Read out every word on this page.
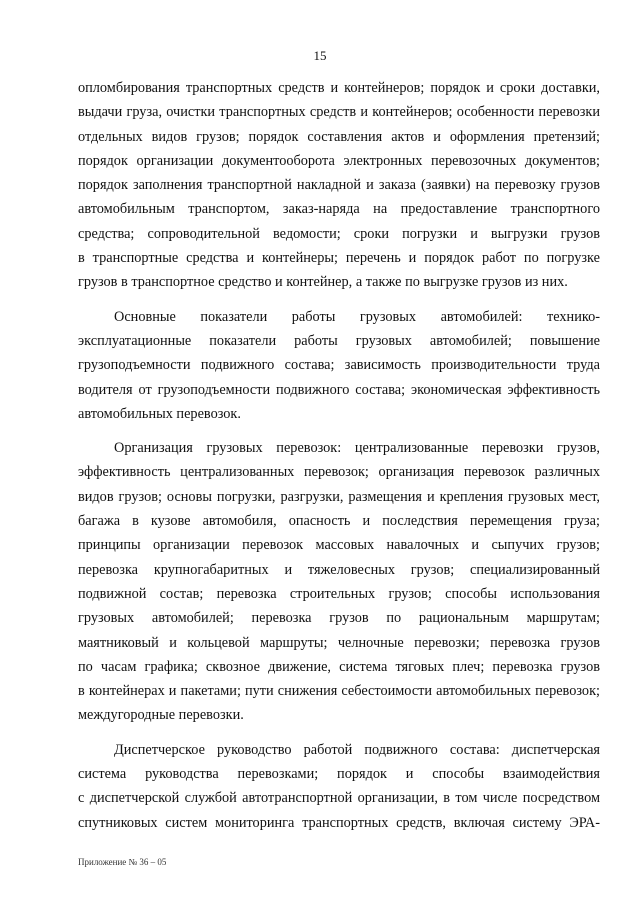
15

опломбирования транспортных средств и контейнеров; порядок и сроки доставки,
выдачи груза, очистки транспортных средств и контейнеров; особенности перевозки
отдельных видов грузов; порядок составления актов и оформления претензий;
порядок организации документооборота электронных перевозочных документов;
порядок заполнения транспортной накладной и заказа (заявки) на перевозку грузов
автомобильным транспортом, заказ-наряда на предоставление транспортного
средства; сопроводительной ведомости; сроки погрузки и выгрузки грузов
в транспортные средства и контейнеры; перечень и порядок работ по погрузке
грузов в транспортное средство и контейнер, а также по выгрузке грузов из них.

Основные показатели работы грузовых автомобилей: технико-
эксплуатационные показатели работы грузовых автомобилей; повышение
грузоподъемности подвижного состава; зависимость производительности труда
водителя от грузоподъемности подвижного состава; экономическая эффективность
автомобильных перевозок.

Организация грузовых перевозок: централизованные перевозки грузов,
эффективность централизованных перевозок; организация перевозок различных
видов грузов; основы погрузки, разгрузки, размещения и крепления грузовых мест,
багажа в кузове автомобиля, опасность и последствия перемещения груза;
принципы организации перевозок массовых навалочных и сыпучих грузов;
перевозка крупногабаритных и тяжеловесных грузов; специализированный
подвижной состав; перевозка строительных грузов; способы использования
грузовых автомобилей; перевозка грузов по рациональным маршрутам;
маятниковый и кольцевой маршруты; челночные перевозки; перевозка грузов
по часам графика; сквозное движение, система тяговых плеч; перевозка грузов
в контейнерах и пакетами; пути снижения себестоимости автомобильных перевозок;
междугородные перевозки.

Диспетчерское руководство работой подвижного состава: диспетчерская
система руководства перевозками; порядок и способы взаимодействия
с диспетчерской службой автотранспортной организации, в том числе посредством
спутниковых систем мониторинга транспортных средств, включая систему ЭРА-

Приложение № 36 – 05
